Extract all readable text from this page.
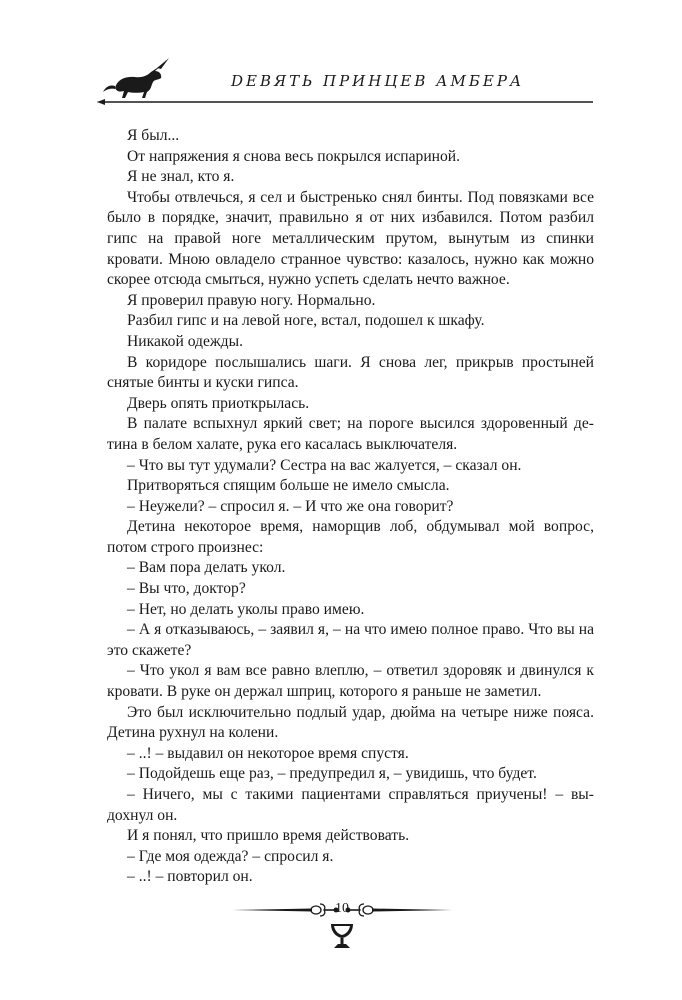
DEВЯТЬ ПРИНЦЕВ АМБЕРА

Я был...

От напряжения я снова весь покрылся испариной.

Я не знал, кто я.

Чтобы отвлечься, я сел и быстренько снял бинты. Под повязками все было в порядке, значит, правильно я от них избавился. Потом разбил гипс на правой ноге металлическим прутом, вынутым из спинки кровати. Мною овладело странное чувство: казалось, нужно как можно скорее отсюда смыться, нужно успеть сделать нечто важное.

Я проверил правую ногу. Нормально.

Разбил гипс и на левой ноге, встал, подошел к шкафу.

Никакой одежды.

В коридоре послышались шаги. Я снова лег, прикрыв простыней снятые бинты и куски гипса.

Дверь опять приоткрылась.

В палате вспыхнул яркий свет; на пороге высился здоровенный детина в белом халате, рука его касалась выключателя.

– Что вы тут удумали? Сестра на вас жалуется, – сказал он.

Притворяться спящим больше не имело смысла.

– Неужели? – спросил я. – И что же она говорит?

Детина некоторое время, наморщив лоб, обдумывал мой вопрос, потом строго произнес:

– Вам пора делать укол.

– Вы что, доктор?

– Нет, но делать уколы право имею.

– А я отказываюсь, – заявил я, – на что имею полное право. Что вы на это скажете?

– Что укол я вам все равно влеплю, – ответил здоровяк и двинулся к кровати. В руке он держал шприц, которого я раньше не заметил.

Это был исключительно подлый удар, дюйма на четыре ниже пояса. Детина рухнул на колени.

– ..! – выдавил он некоторое время спустя.

– Подойдешь еще раз, – предупредил я, – увидишь, что будет.

– Ничего, мы с такими пациентами справляться приучены! – выдохнул он.

И я понял, что пришло время действовать.

– Где моя одежда? – спросил я.

– ..! – повторил он.

10
